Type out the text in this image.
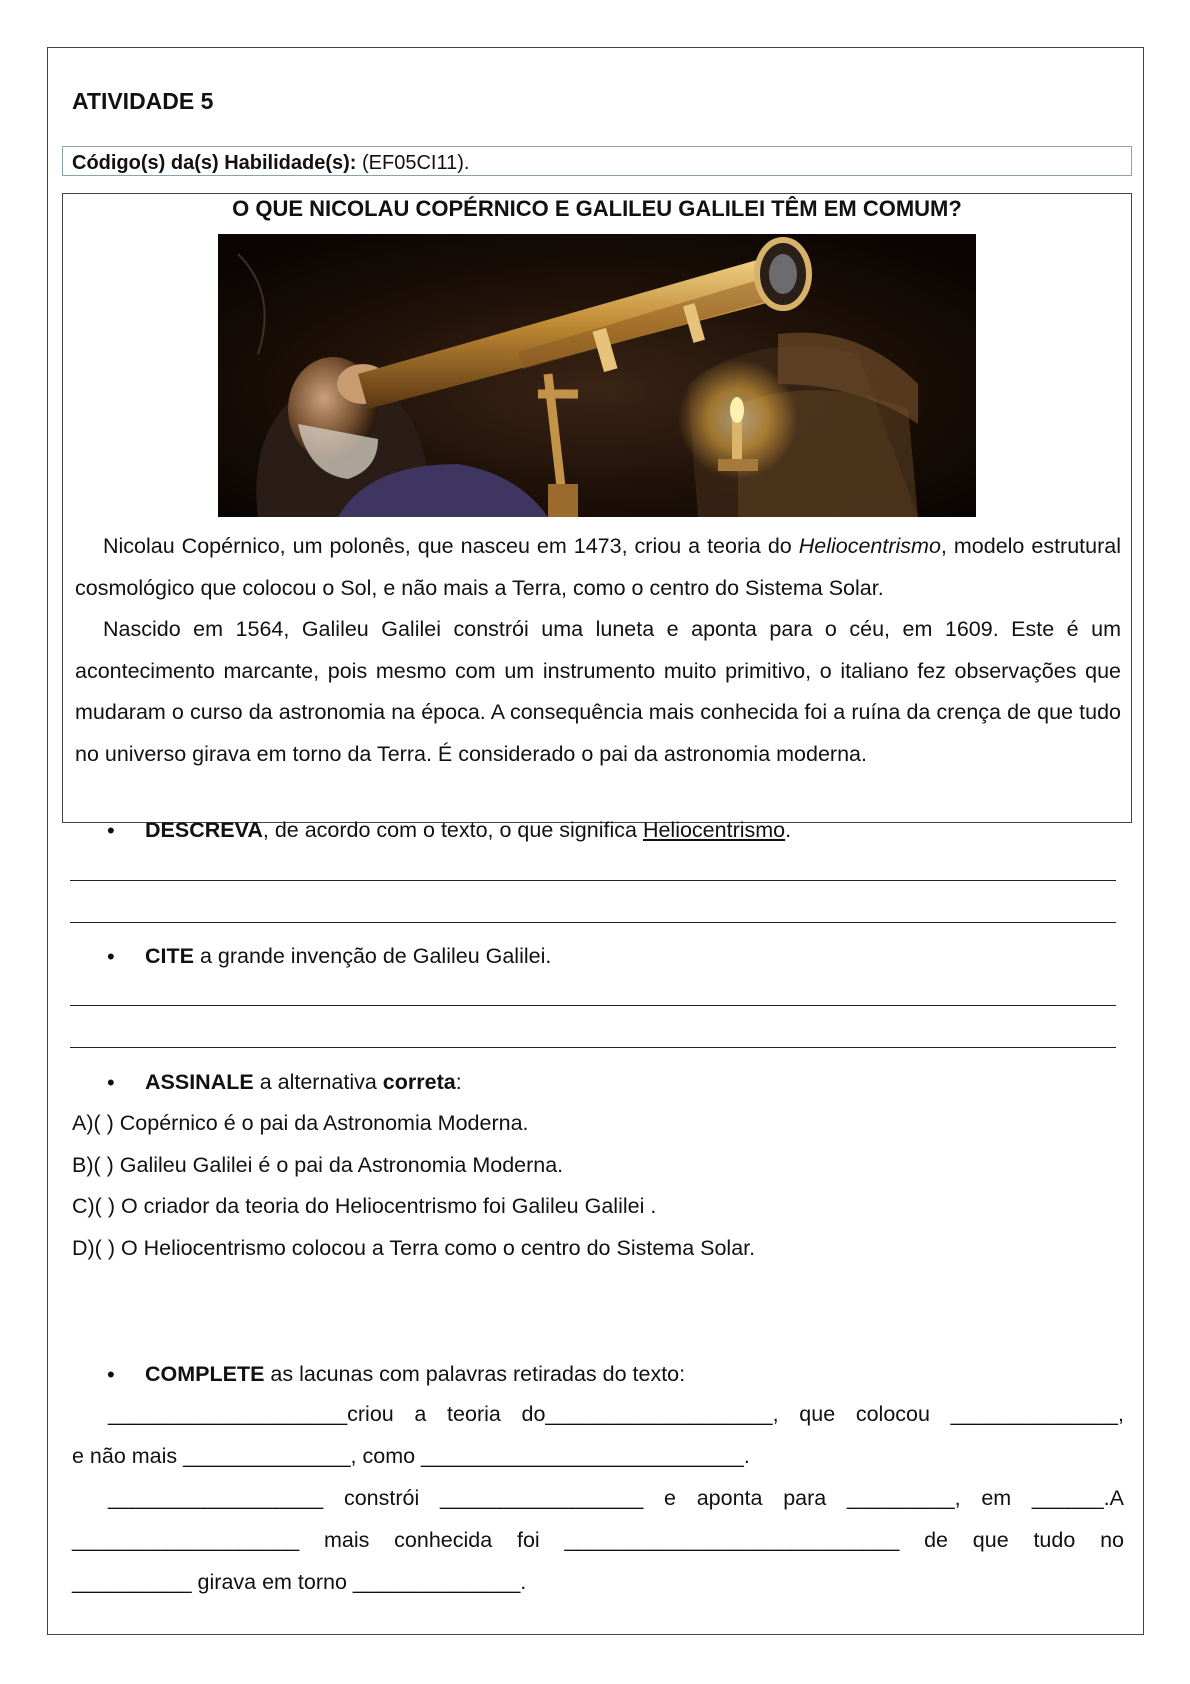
ATIVIDADE 5
Código(s) da(s) Habilidade(s): (EF05CI11).
O QUE NICOLAU COPÉRNICO E GALILEU GALILEI TÊM EM COMUM?
Nicolau Copérnico, um polonês, que nasceu em 1473, criou a teoria do Heliocentrismo, modelo estrutural cosmológico que colocou o Sol, e não mais a Terra, como o centro do Sistema Solar.
Nascido em 1564, Galileu Galilei constrói uma luneta e aponta para o céu, em 1609. Este é um acontecimento marcante, pois mesmo com um instrumento muito primitivo, o italiano fez observações que mudaram o curso da astronomia na época. A consequência mais conhecida foi a ruína da crença de que tudo no universo girava em torno da Terra. É considerado o pai da astronomia moderna.
• DESCREVA, de acordo com o texto, o que significa Heliocentrismo.
• CITE a grande invenção de Galileu Galilei.
• ASSINALE a alternativa correta:
A)( ) Copérnico é o pai da Astronomia Moderna.
B)( ) Galileu Galilei é o pai da Astronomia Moderna.
C)( ) O criador da teoria do Heliocentrismo foi Galileu Galilei .
D)( ) O Heliocentrismo colocou a Terra como o centro do Sistema Solar.
• COMPLETE as lacunas com palavras retiradas do texto:
____________________criou a teoria do___________________, que colocou ______________,
e não mais ______________, como ___________________________.
__________________ constrói _________________ e aponta para _________, em ______.A
___________________ mais conhecida foi ____________________________ de que tudo no
__________ girava em torno ______________.
